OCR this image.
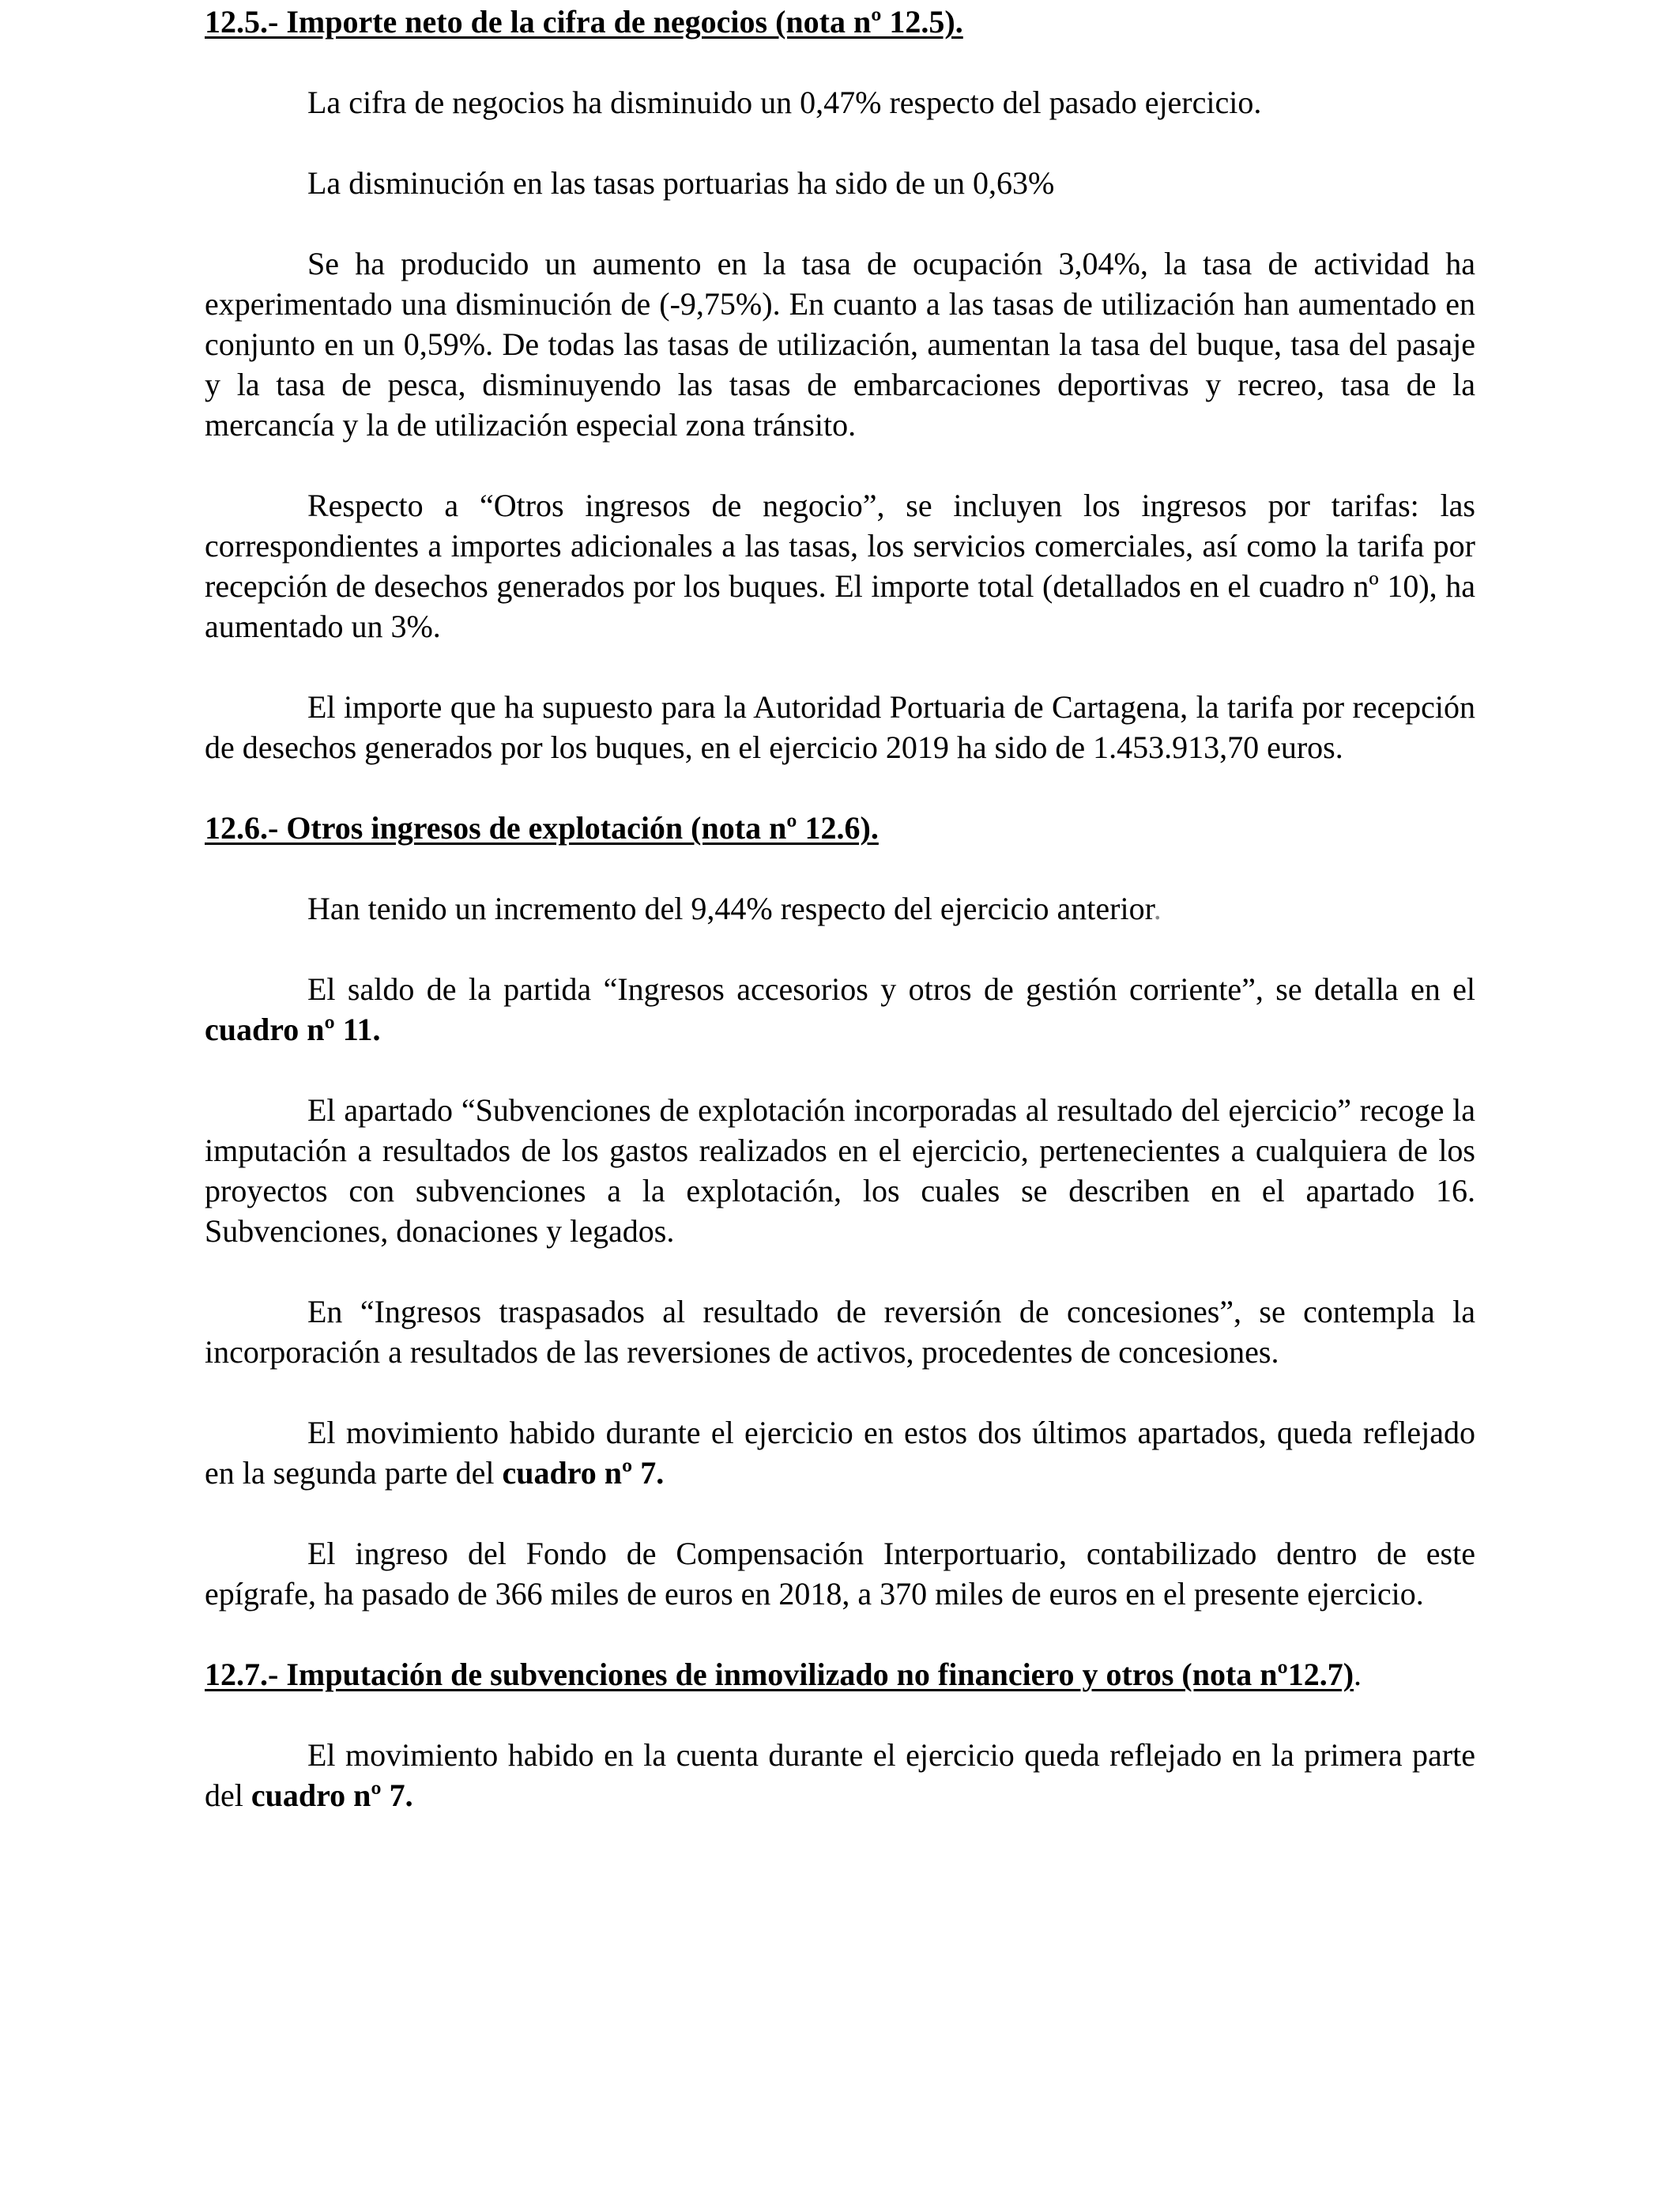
12.5.- Importe neto de la cifra de negocios (nota nº 12.5).

La cifra de negocios ha disminuido un 0,47% respecto del pasado ejercicio.

La disminución en las tasas portuarias ha sido de un 0,63%

Se ha producido un aumento en la tasa de ocupación 3,04%, la tasa de actividad ha experimentado una disminución de (-9,75%). En cuanto a las tasas de utilización han aumentado en conjunto en un 0,59%. De todas las tasas de utilización, aumentan la tasa del buque, tasa del pasaje y la tasa de pesca, disminuyendo las tasas de embarcaciones deportivas y recreo, tasa de la mercancía y la de utilización especial zona tránsito.

Respecto a “Otros ingresos de negocio”, se incluyen los ingresos por tarifas: las correspondientes a importes adicionales a las tasas, los servicios comerciales, así como la tarifa por recepción de desechos generados por los buques. El importe total (detallados en el cuadro nº 10), ha aumentado un 3%.

El importe que ha supuesto para la Autoridad Portuaria de Cartagena, la tarifa por recepción de desechos generados por los buques, en el ejercicio 2019 ha sido de 1.453.913,70 euros.

12.6.- Otros ingresos de explotación (nota nº 12.6).

Han tenido un incremento del 9,44% respecto del ejercicio anterior.

El saldo de la partida “Ingresos accesorios y otros de gestión corriente”, se detalla en el cuadro nº 11.

El apartado “Subvenciones de explotación incorporadas al resultado del ejercicio” recoge la imputación a resultados de los gastos realizados en el ejercicio, pertenecientes a cualquiera de los proyectos con subvenciones a la explotación, los cuales se describen en el apartado 16. Subvenciones, donaciones y legados.

En “Ingresos traspasados al resultado de reversión de concesiones”, se contempla la incorporación a resultados de las reversiones de activos, procedentes de concesiones.

El movimiento habido durante el ejercicio en estos dos últimos apartados, queda reflejado en la segunda parte del cuadro nº 7.

El ingreso del Fondo de Compensación Interportuario, contabilizado dentro de este epígrafe, ha pasado de 366 miles de euros en 2018, a 370 miles de euros en el presente ejercicio.

12.7.- Imputación de subvenciones de inmovilizado no financiero y otros (nota nº12.7).

El movimiento habido en la cuenta durante el ejercicio queda reflejado en la primera parte del cuadro nº 7.
